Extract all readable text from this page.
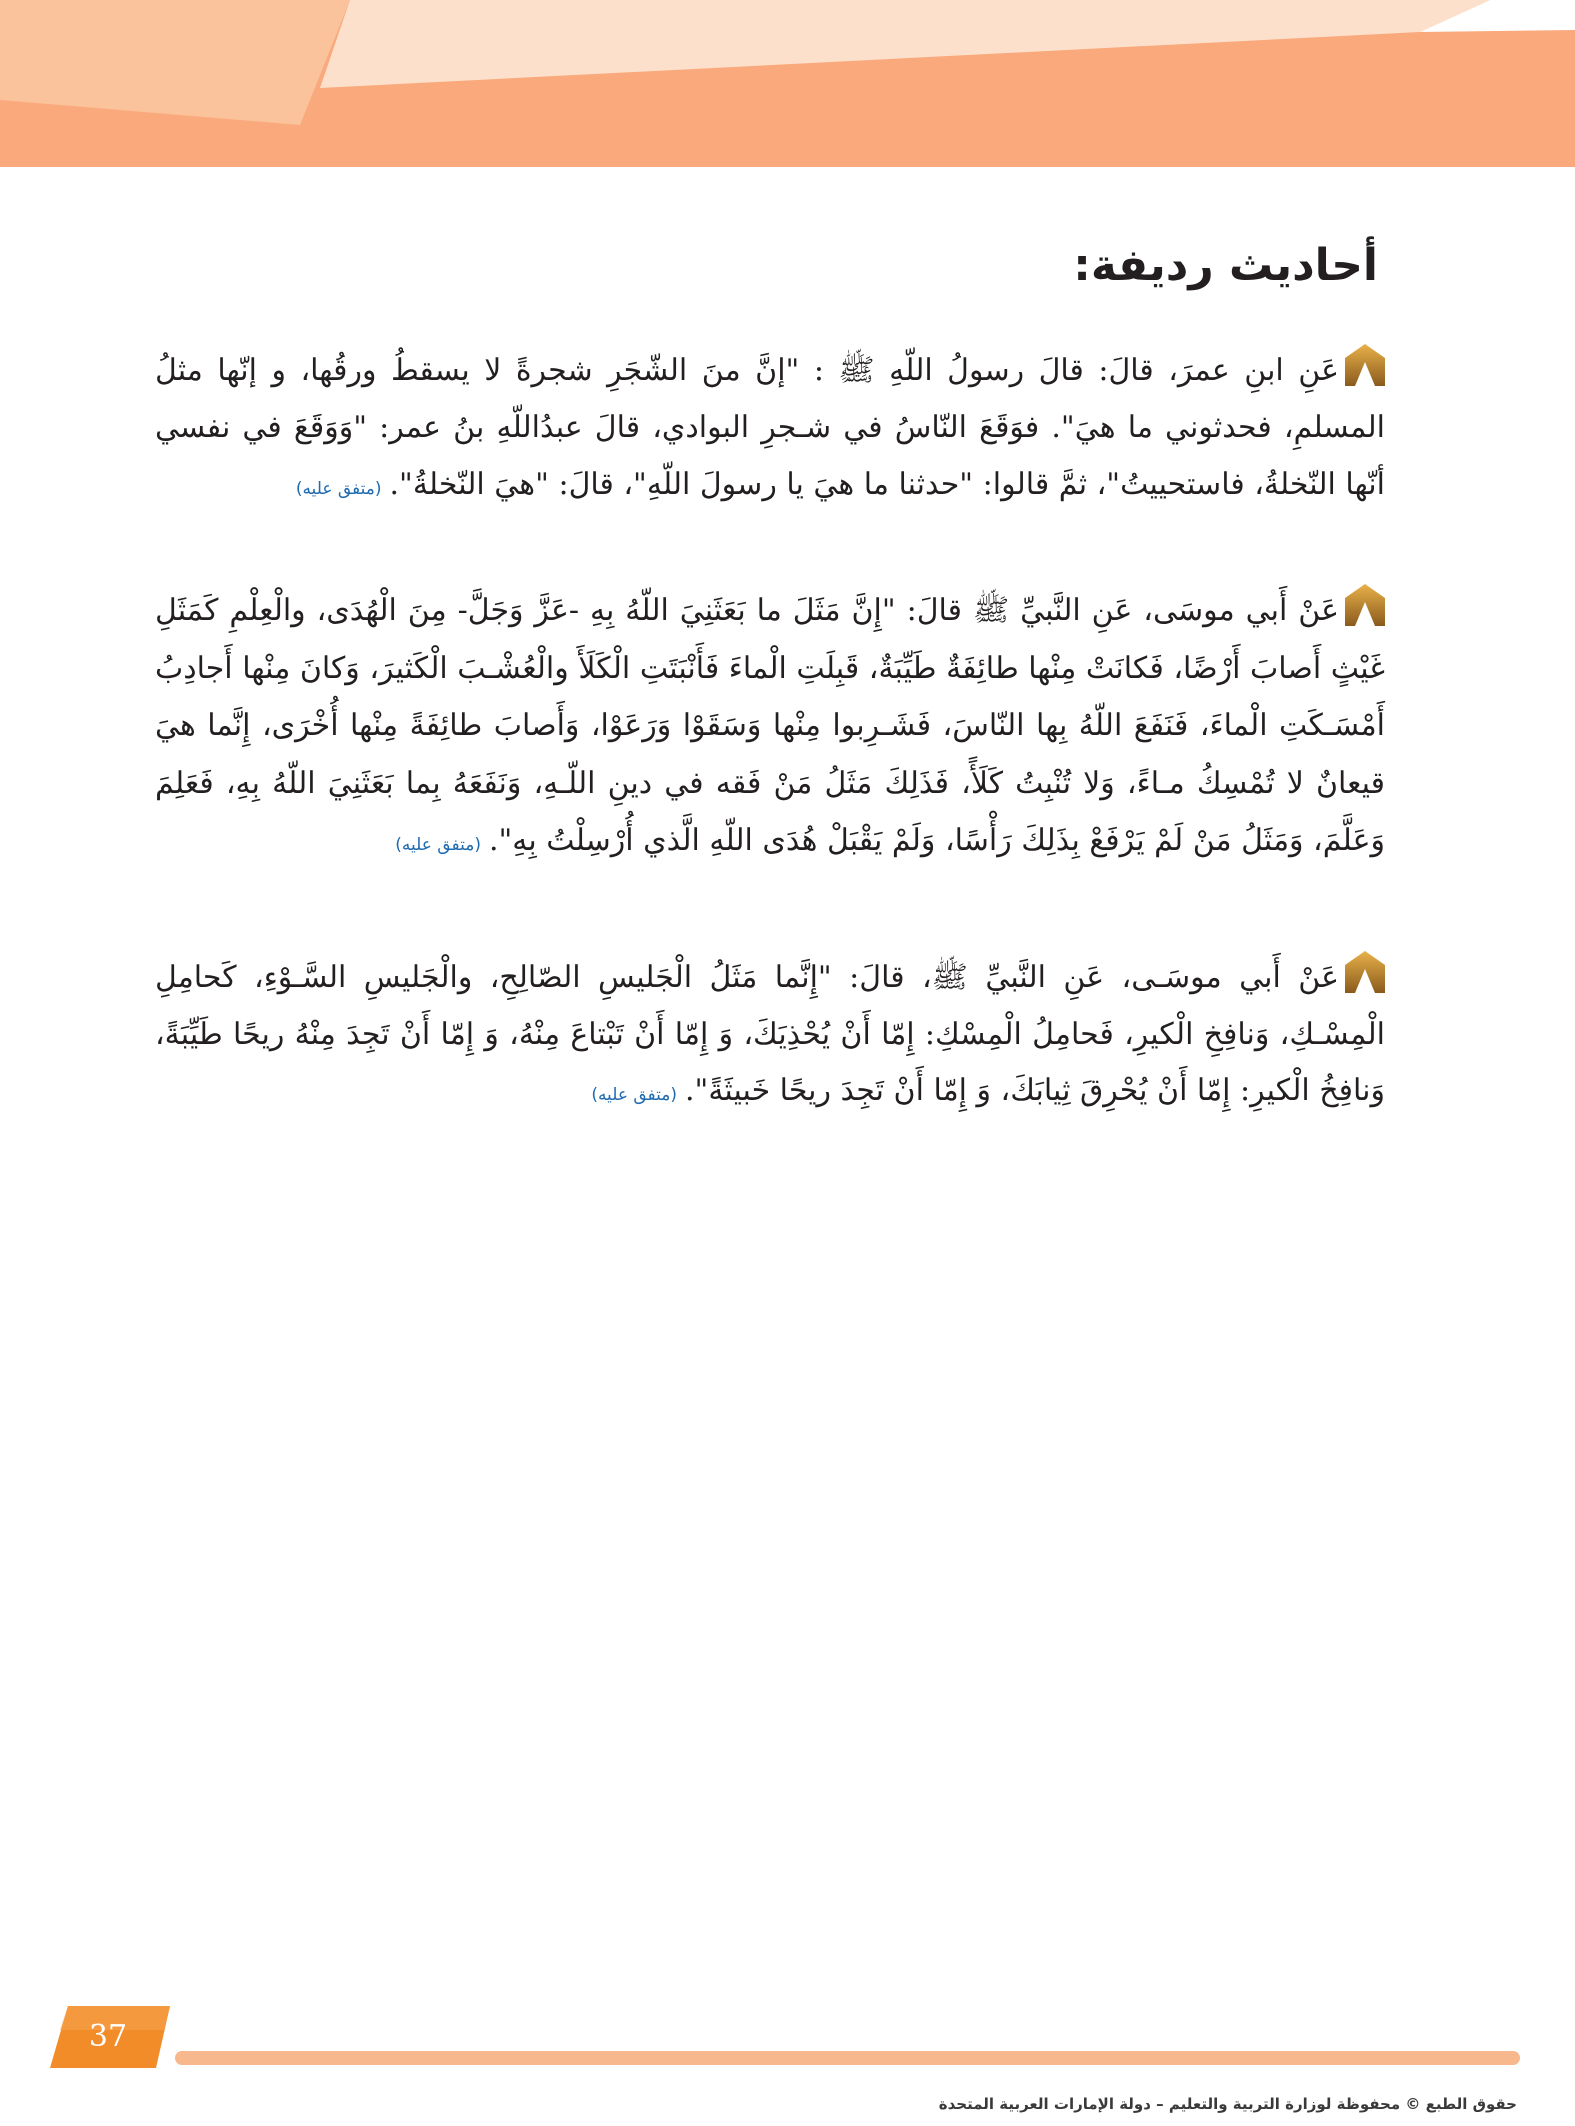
أحاديث رديفة:

عَنِ ابنِ عمرَ، قالَ: قالَ رسولُ اللّهِ ﷺ : "إنَّ منَ الشّجَرِ شجرةً لا يسقطُ ورقُها، و إنّها مثلُ المسلمِ، فحدثوني ما هيَ". فوَقَعَ النّاسُ في شـجرِ البوادي، قالَ عبدُاللّهِ بنُ عمر: "وَوَقَعَ في نفسي أنّها النّخلةُ، فاستحييتُ"، ثمَّ قالوا: "حدثنا ما هيَ يا رسولَ اللّهِ"، قالَ: "هيَ النّخلةُ".(متفق عليه)

عَنْ أَبي موسَى، عَنِ النَّبيِّ ﷺ قالَ: "إِنَّ مَثَلَ ما بَعَثَنِيَ اللّهُ بِهِ -عَزَّ وَجَلَّ- مِنَ الْهُدَى، والْعِلْمِ كَمَثَلِ غَيْثٍ أَصابَ أَرْضًا، فَكانَتْ مِنْها طائِفَةٌ طَيِّبَةٌ، قَبِلَتِ الْماءَ فَأَنْبَتَتِ الْكَلَأَ والْعُشْـبَ الْكَثيرَ، وَكانَ مِنْها أَجادِبُ أَمْسَـكَتِ الْماءَ، فَنَفَعَ اللّهُ بِها النّاسَ، فَشَـرِبوا مِنْها وَسَقَوْا وَرَعَوْا، وَأَصابَ طائِفَةً مِنْها أُخْرَى، إِنَّما هيَ قيعانٌ لا تُمْسِكُ مـاءً، وَلا تُنْبِتُ كَلَأً، فَذَلِكَ مَثَلُ مَنْ فَقه في دينِ اللّـهِ، وَنَفَعَهُ بِما بَعَثَنِيَ اللّهُ بِهِ، فَعَلِمَ وَعَلَّمَ، وَمَثَلُ مَنْ لَمْ يَرْفَعْ بِذَلِكَ رَأْسًا، وَلَمْ يَقْبَلْ هُدَى اللّهِ الَّذي أُرْسِلْتُ بِهِ".(متفق عليه)

عَنْ أَبي موسَـى، عَنِ النَّبيِّ ﷺ، قالَ: "إِنَّما مَثَلُ الْجَليسِ الصّالِحِ، والْجَليسِ السَّـوْءِ، كَحامِلِ الْمِسْـكِ، وَنافِخِ الْكيرِ، فَحامِلُ الْمِسْكِ: إِمّا أَنْ يُحْذِيَكَ، وَ إِمّا أَنْ تَبْتاعَ مِنْهُ، وَ إِمّا أَنْ تَجِدَ مِنْهُ ريحًا طَيِّبَةً، وَنافِخُ الْكيرِ: إِمّا أَنْ يُحْرِقَ ثِيابَكَ، وَ إِمّا أَنْ تَجِدَ ريحًا خَبيثَةً".(متفق عليه)

37

حقوق الطبع © محفوظة لوزارة التربية والتعليم – دولة الإمارات العربية المتحدة
